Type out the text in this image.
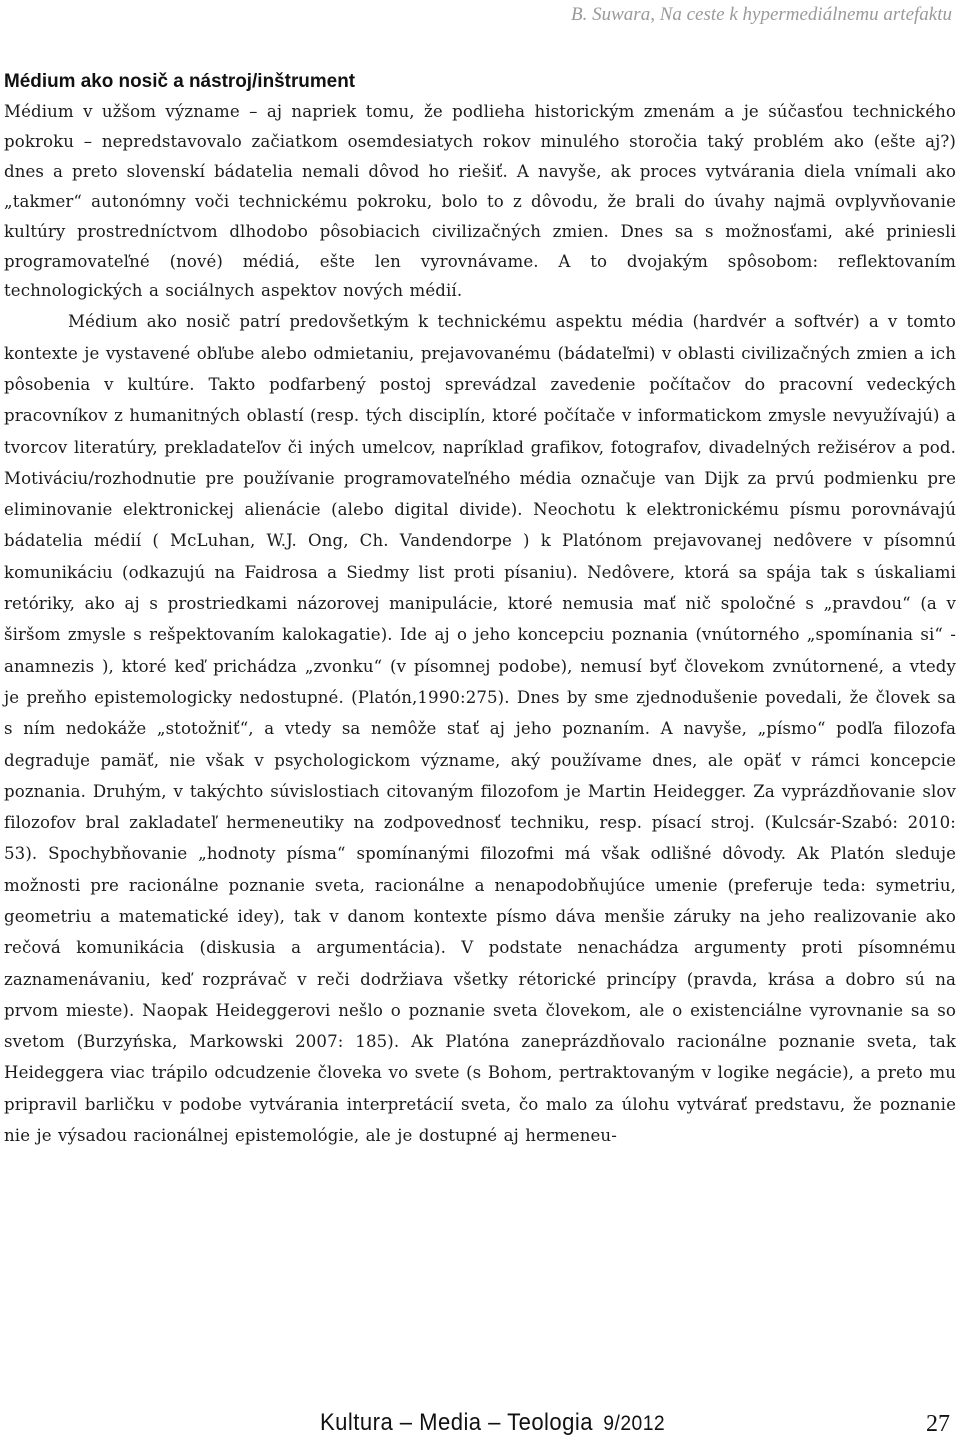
B. Suwara, Na ceste k hypermediálnemu artefaktu
Médium ako nosič a nástroj/inštrument

Médium v užšom význame – aj napriek tomu, že podlieha historickým zmenám a je súčasťou technického pokroku – nepredstavovalo začiatkom osemdesiatych rokov minulého storočia taký problém ako (ešte aj?) dnes a preto slovenskí bádatelia nemali dôvod ho riešiť. A navyše, ak proces vytvárania diela vnímali ako „takmer“ autonómny voči technickému pokroku, bolo to z dôvodu, že brali do úvahy najmä ovplyvňovanie kultúry prostredníctvom dlhodobo pôsobiacich civilizačných zmien. Dnes sa s možnosťami, aké priniesli programovateľné (nové) médiá, ešte len vyrovnávame. A to dvojakým spôsobom: reflektovaním technologických a sociálnych aspektov nových médií.

Médium ako nosič patrí predovšetkým k technickému aspektu média (hardvér a softvér) a v tomto kontexte je vystavené obľube alebo odmietaniu, prejavovanému (bádateľmi) v oblasti civilizačných zmien a ich pôsobenia v kultúre. Takto podfarbený postoj sprevádzal zavedenie počítačov do pracovní vedeckých pracovníkov z humanitných oblastí (resp. tých disciplín, ktoré počítače v informatickom zmysle nevyužívajú) a tvorcov literatúry, prekladateľov či iných umelcov, napríklad grafikov, fotografov, divadelných režisérov a pod. Motiváciu/rozhodnutie pre používanie programovateľného média označuje van Dijk za prvú podmienku pre eliminovanie elektronickej alienácie (alebo digital divide). Neochotu k elektronickému písmu porovnávajú bádatelia médií ( McLuhan, W.J. Ong, Ch. Vandendorpe ) k Platónom prejavovanej nedôvere v písomnú komunikáciu (odkazujú na Faidrosa a Siedmy list proti písaniu). Nedôvere, ktorá sa spája tak s úskaliami retóriky, ako aj s prostriedkami názorovej manipulácie, ktoré nemusia mať nič spoločné s „pravdou“ (a v širšom zmysle s rešpektovaním kalokagatie). Ide aj o jeho koncepciu poznania (vnútorného „spomínania si“ - anamnezis ), ktoré keď prichádza „zvonku“ (v písomnej podobe), nemusí byť človekom zvnútornené, a vtedy je preňho epistemologicky nedostupné. (Platón,1990:275). Dnes by sme zjednodušenie povedali, že človek sa s ním nedokáže „stotožniť“, a vtedy sa nemôže stať aj jeho poznaním. A navyše, „písmo“ podľa filozofa degraduje pamäť, nie však v psychologickom význame, aký používame dnes, ale opäť v rámci koncepcie poznania. Druhým, v takýchto súvislostiach citovaným filozofom je Martin Heidegger. Za vyprázdňovanie slov filozofov bral zakladateľ hermeneutiky na zodpovednosť techniku, resp. písací stroj. (Kulcsár-Szabó: 2010: 53). Spochybňovanie „hodnoty písma“ spomínanými filozofmi má však odlišné dôvody. Ak Platón sleduje možnosti pre racionálne poznanie sveta, racionálne a nenapodobňujúce umenie (preferuje teda: symetriu, geometriu a matematické idey), tak v danom kontexte písmo dáva menšie záruky na jeho realizovanie ako rečová komunikácia (diskusia a argumentácia). V podstate nenachádza argumenty proti písomnému zaznamenávaniu, keď rozprávač v reči dodržiava všetky rétorické princípy (pravda, krása a dobro sú na prvom mieste). Naopak Heideggerovi nešlo o poznanie sveta človekom, ale o existenciálne vyrovnanie sa so svetom (Burzyńska, Markowski 2007: 185). Ak Platóna zaneprázdňovalo racionálne poznanie sveta, tak Heideggera viac trápilo odcudzenie človeka vo svete (s Bohom, pertraktovaným v logike negácie), a preto mu pripravil barličku v podobe vytvárania interpretácií sveta, čo malo za úlohu vytvárať predstavu, že poznanie nie je výsadou racionálnej epistemológie, ale je dostupné aj hermeneu-

Kultura – Media – Teologia 9/2012	27
